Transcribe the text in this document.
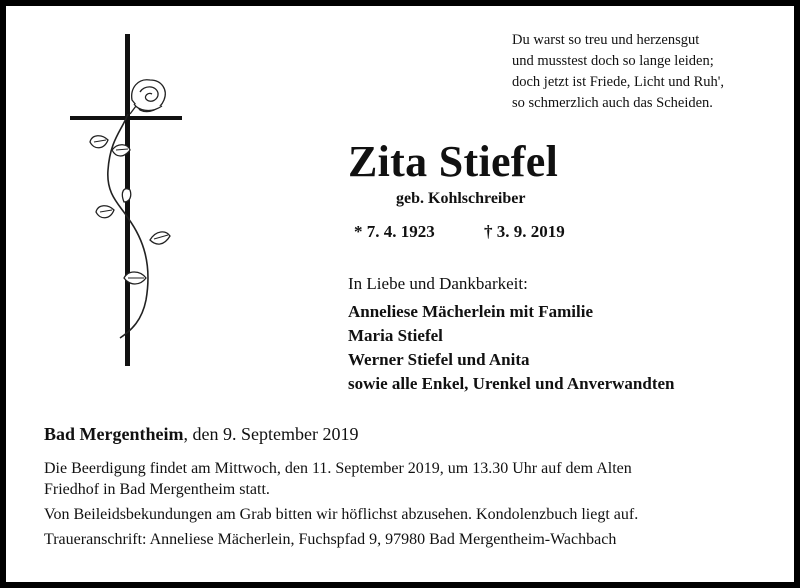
Du warst so treu und herzensgut
und musstest doch so lange leiden;
doch jetzt ist Friede, Licht und Ruh',
so schmerzlich auch das Scheiden.
Zita Stiefel
geb. Kohlschreiber
* 7. 4. 1923	† 3. 9. 2019
In Liebe und Dankbarkeit:
Anneliese Mächerlein mit Familie
Maria Stiefel
Werner Stiefel und Anita
sowie alle Enkel, Urenkel und Anverwandten
Bad Mergentheim, den 9. September 2019

Die Beerdigung findet am Mittwoch, den 11. September 2019, um 13.30 Uhr auf dem Alten
Friedhof in Bad Mergentheim statt.

Von Beileidsbekundungen am Grab bitten wir höflichst abzusehen. Kondolenzbuch liegt auf.

Traueranschrift: Anneliese Mächerlein, Fuchspfad 9, 97980 Bad Mergentheim-Wachbach
